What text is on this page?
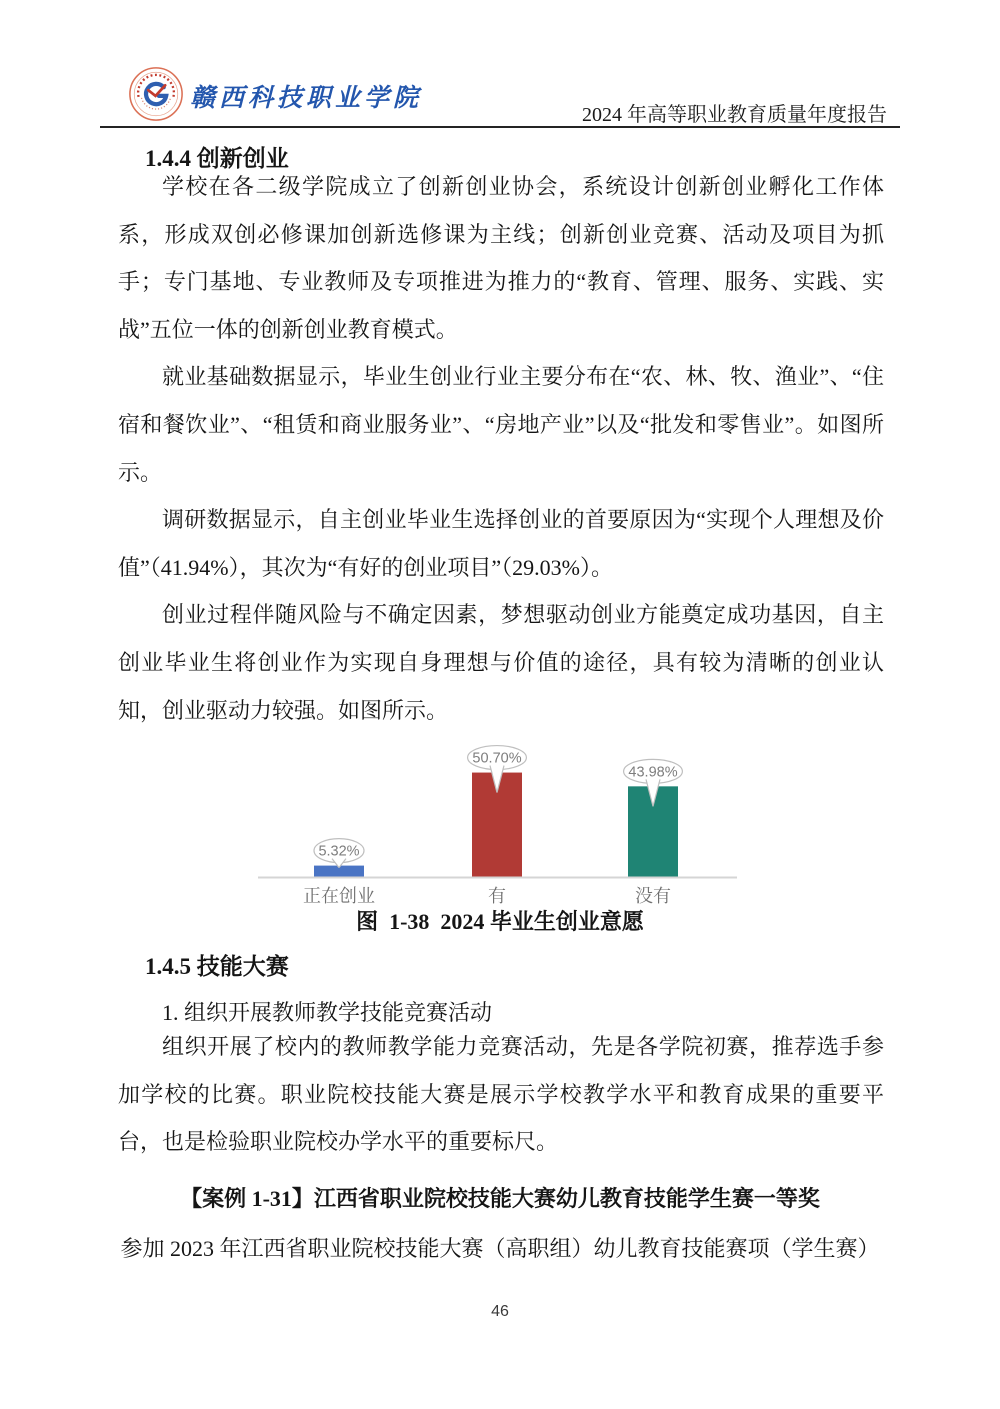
赣西科技职业学院
2024 年高等职业教育质量年度报告
1.4.4 创新创业

学校在各二级学院成立了创新创业协会，系统设计创新创业孵化工作体系，形成双创必修课加创新选修课为主线；创新创业竞赛、活动及项目为抓手；专门基地、专业教师及专项推进为推力的“教育、管理、服务、实践、实战”五位一体的创新创业教育模式。

就业基础数据显示，毕业生创业行业主要分布在“农、林、牧、渔业”、“住宿和餐饮业”、“租赁和商业服务业”、“房地产业”以及“批发和零售业”。如图所示。

调研数据显示，自主创业毕业生选择创业的首要原因为“实现个人理想及价值”（41.94%），其次为“有好的创业项目”（29.03%）。

创业过程伴随风险与不确定因素，梦想驱动创业方能奠定成功基因，自主创业毕业生将创业作为实现自身理想与价值的途径，具有较为清晰的创业认知，创业驱动力较强。如图所示。

5.32%
正在创业
50.70%
有
43.98%
没有
图  1-38  2024 毕业生创业意愿
1.4.5 技能大赛
1. 组织开展教师教学技能竞赛活动

组织开展了校内的教师教学能力竞赛活动，先是各学院初赛，推荐选手参加学校的比赛。职业院校技能大赛是展示学校教学水平和教育成果的重要平台，也是检验职业院校办学水平的重要标尺。

【案例 1-31】江西省职业院校技能大赛幼儿教育技能学生赛一等奖
参加 2023 年江西省职业院校技能大赛（高职组）幼儿教育技能赛项（学生赛）
46
